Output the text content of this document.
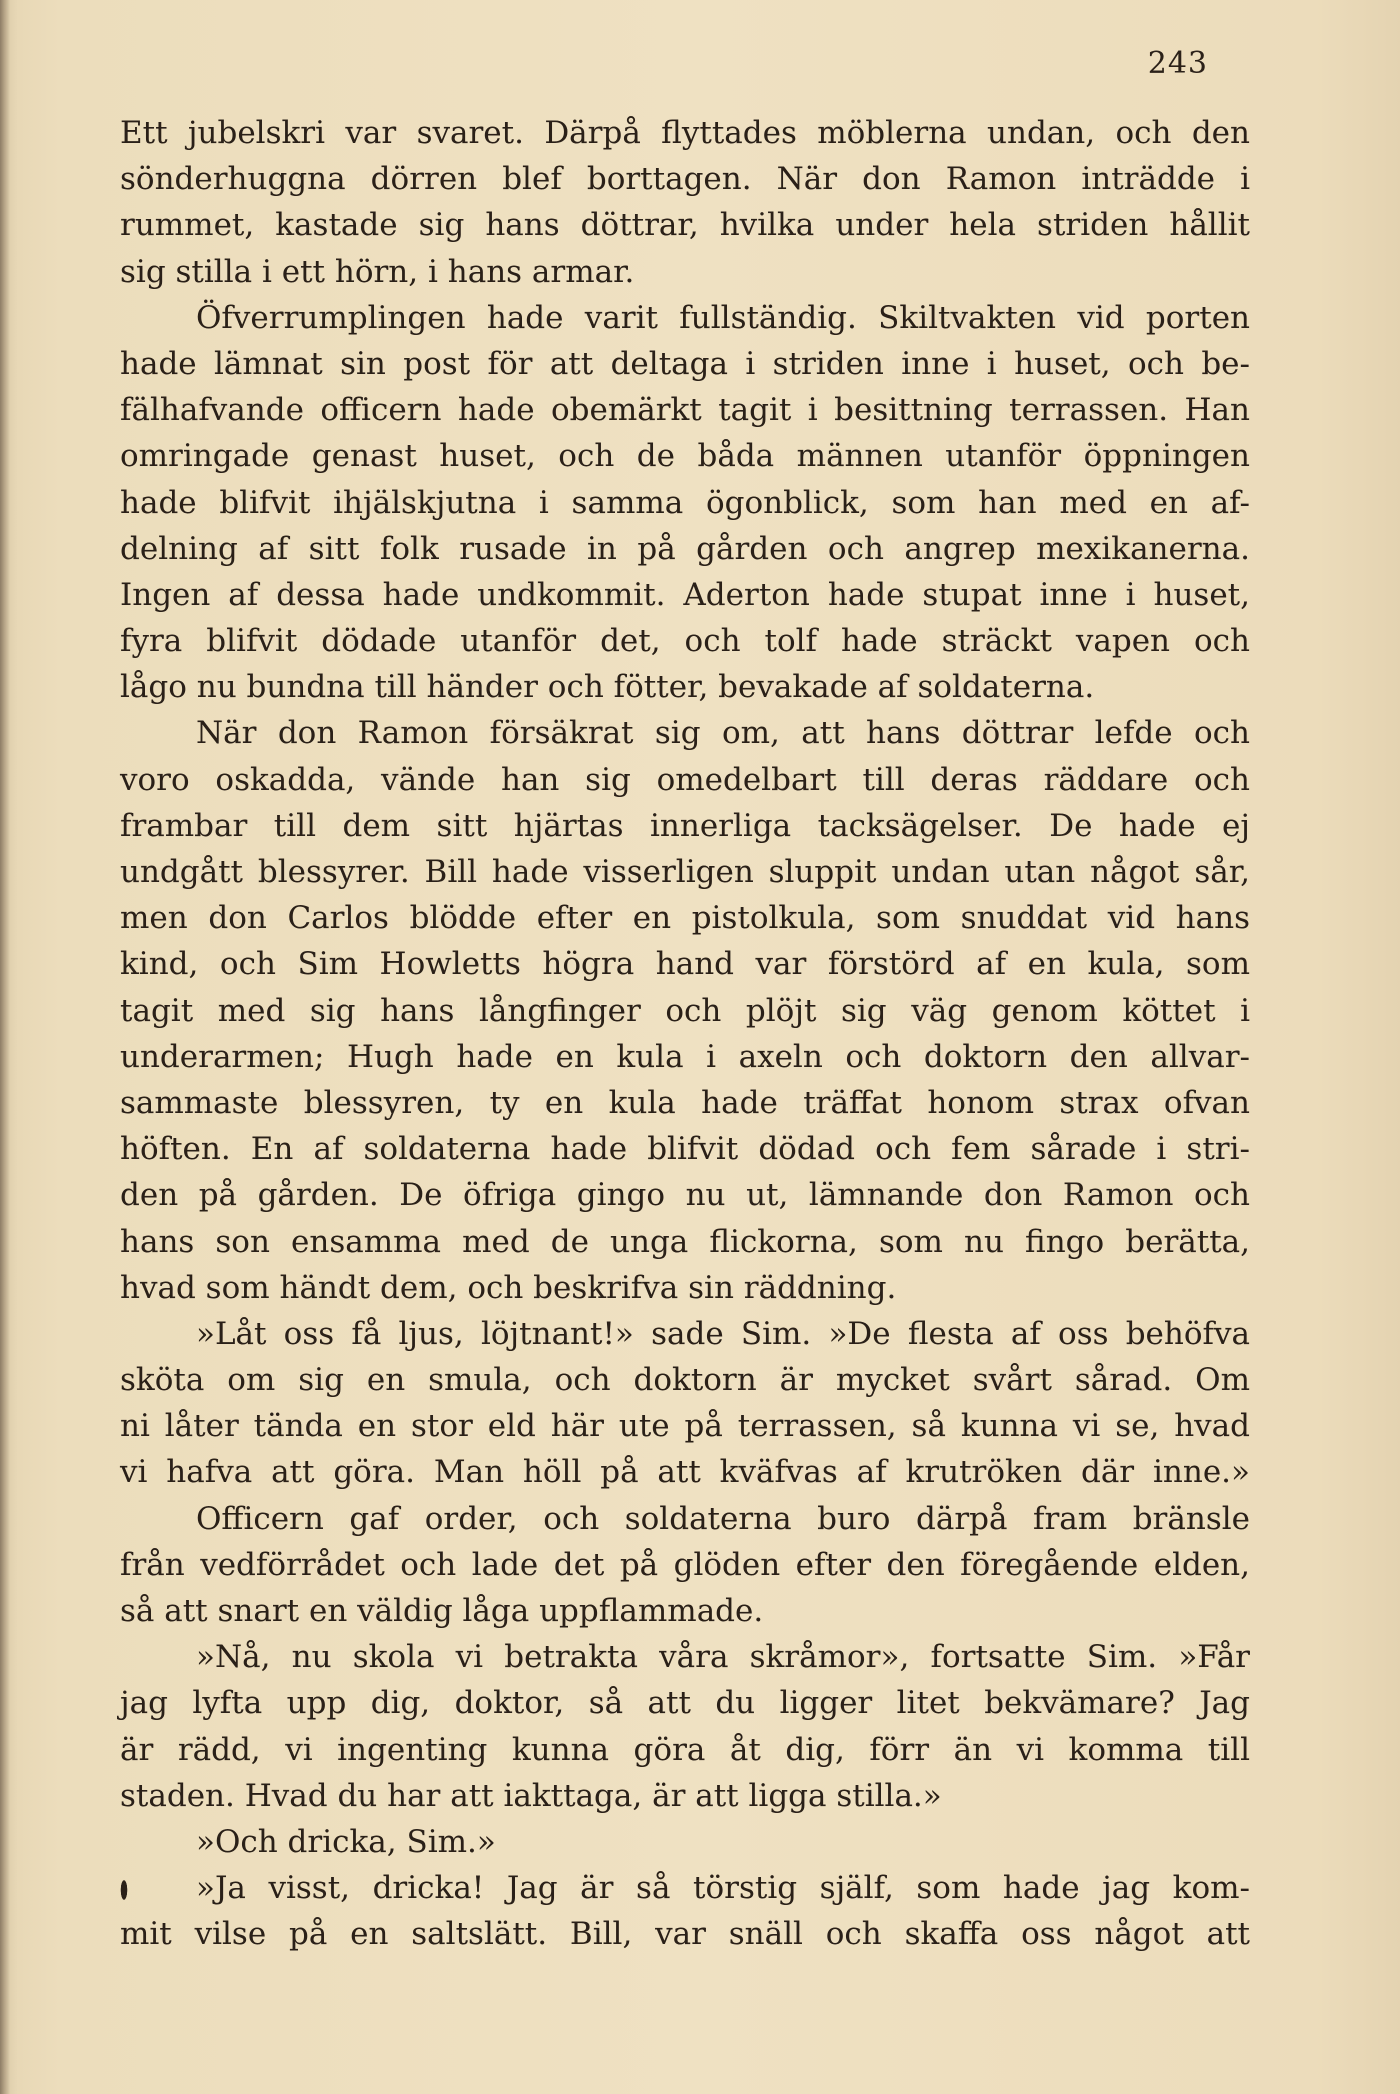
243
Ett jubelskri var svaret. Därpå flyttades möblerna undan, och den
sönderhuggna dörren blef borttagen. När don Ramon inträdde i
rummet, kastade sig hans döttrar, hvilka under hela striden hållit
sig stilla i ett hörn, i hans armar.
Öfverrumplingen hade varit fullständig. Skiltvakten vid porten
hade lämnat sin post för att deltaga i striden inne i huset, och be-
fälhafvande officern hade obemärkt tagit i besittning terrassen. Han
omringade genast huset, och de båda männen utanför öppningen
hade blifvit ihjälskjutna i samma ögonblick, som han med en af-
delning af sitt folk rusade in på gården och angrep mexikanerna.
Ingen af dessa hade undkommit. Aderton hade stupat inne i huset,
fyra blifvit dödade utanför det, och tolf hade sträckt vapen och
lågo nu bundna till händer och fötter, bevakade af soldaterna.
När don Ramon försäkrat sig om, att hans döttrar lefde och
voro oskadda, vände han sig omedelbart till deras räddare och
frambar till dem sitt hjärtas innerliga tacksägelser. De hade ej
undgått blessyrer. Bill hade visserligen sluppit undan utan något sår,
men don Carlos blödde efter en pistolkula, som snuddat vid hans
kind, och Sim Howletts högra hand var förstörd af en kula, som
tagit med sig hans långfinger och plöjt sig väg genom köttet i
underarmen; Hugh hade en kula i axeln och doktorn den allvar-
sammaste blessyren, ty en kula hade träffat honom strax ofvan
höften. En af soldaterna hade blifvit dödad och fem sårade i stri-
den på gården. De öfriga gingo nu ut, lämnande don Ramon och
hans son ensamma med de unga flickorna, som nu fingo berätta,
hvad som händt dem, och beskrifva sin räddning.
»Låt oss få ljus, löjtnant!» sade Sim. »De flesta af oss behöfva
sköta om sig en smula, och doktorn är mycket svårt sårad. Om
ni låter tända en stor eld här ute på terrassen, så kunna vi se, hvad
vi hafva att göra. Man höll på att kväfvas af krutröken där inne.»
Officern gaf order, och soldaterna buro därpå fram bränsle
från vedförrådet och lade det på glöden efter den föregående elden,
så att snart en väldig låga uppflammade.
»Nå, nu skola vi betrakta våra skråmor», fortsatte Sim. »Får
jag lyfta upp dig, doktor, så att du ligger litet bekvämare? Jag
är rädd, vi ingenting kunna göra åt dig, förr än vi komma till
staden. Hvad du har att iakttaga, är att ligga stilla.»
»Och dricka, Sim.»
»Ja visst, dricka! Jag är så törstig själf, som hade jag kom-
mit vilse på en saltslätt. Bill, var snäll och skaffa oss något att
